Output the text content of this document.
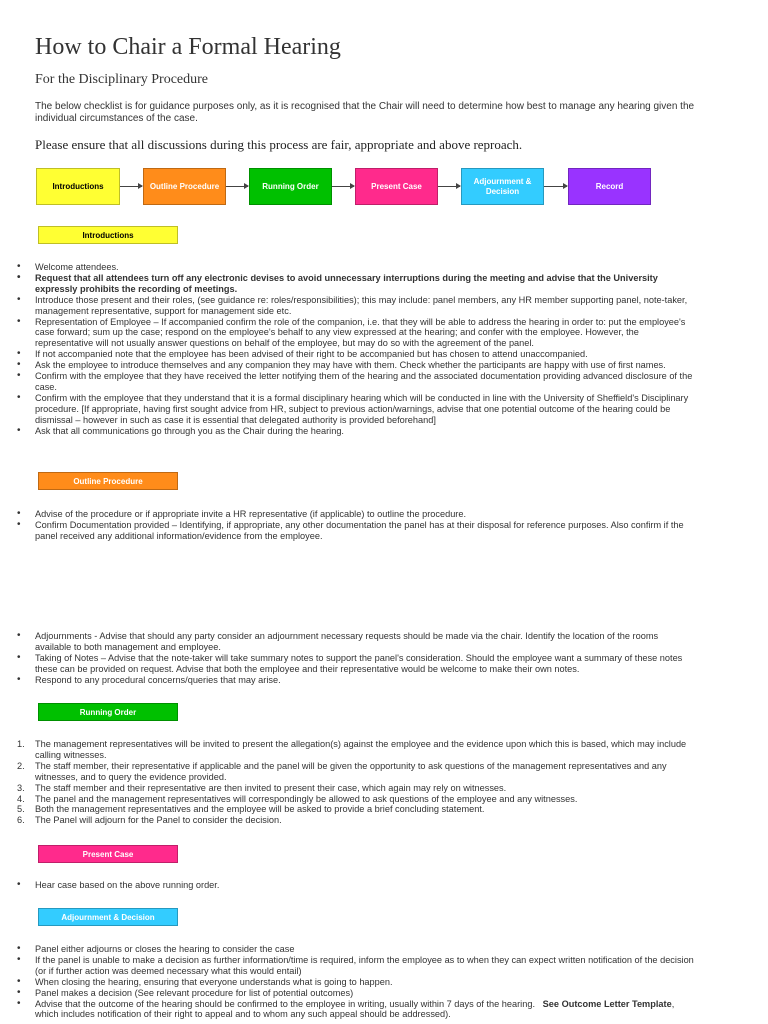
How to Chair a Formal Hearing
For the Disciplinary Procedure
The below checklist is for guidance purposes only, as it is recognised that the Chair will need to determine how best to manage any hearing given the individual circumstances of the case.
Please ensure that all discussions during this process are fair, appropriate and above reproach.
Introductions	Outline Procedure	Running Order	Present Case
Adjournment & Decision
Record
Introductions
• Welcome attendees.
• Request that all attendees turn off any electronic devises to avoid unnecessary interruptions during the meeting and advise that the University expressly prohibits the recording of meetings.
• Introduce those present and their roles, (see guidance re: roles/responsibilities); this may include: panel members, any HR member supporting panel, note-taker, management representative, support for management side etc.
• Representation of Employee – If accompanied confirm the role of the companion, i.e. that they will be able to address the hearing in order to: put the employee's case forward; sum up the case; respond on the employee's behalf to any view expressed at the hearing; and confer with the employee. However, the representative will not usually answer questions on behalf of the employee, but may do so with the agreement of the panel.
• If not accompanied note that the employee has been advised of their right to be accompanied but has chosen to attend unaccompanied.
• Ask the employee to introduce themselves and any companion they may have with them. Check whether the participants are happy with use of first names.
• Confirm with the employee that they have received the letter notifying them of the hearing and the associated documentation providing advanced disclosure of the case.
• Confirm with the employee that they understand that it is a formal disciplinary hearing which will be conducted in line with the University of Sheffield's Disciplinary procedure. [If appropriate, having first sought advice from HR, subject to previous action/warnings, advise that one potential outcome of the hearing could be dismissal – however in such as case it is essential that delegated authority is provided beforehand]
• Ask that all communications go through you as the Chair during the hearing.
Outline Procedure
• Advise of the procedure or if appropriate invite a HR representative (if applicable) to outline the procedure.
• Confirm Documentation provided – Identifying, if appropriate, any other documentation the panel has at their disposal for reference purposes. Also confirm if the panel received any additional information/evidence from the employee.
• Adjournments - Advise that should any party consider an adjournment necessary requests should be made via the chair. Identify the location of the rooms available to both management and employee.
• Taking of Notes – Advise that the note-taker will take summary notes to support the panel's consideration. Should the employee want a summary of these notes these can be provided on request. Advise that both the employee and their representative would be welcome to make their own notes.
• Respond to any procedural concerns/queries that may arise.
Running Order
1. The management representatives will be invited to present the allegation(s) against the employee and the evidence upon which this is based, which may include calling witnesses.
2. The staff member, their representative if applicable and the panel will be given the opportunity to ask questions of the management representatives and any witnesses, and to query the evidence provided.
3. The staff member and their representative are then invited to present their case, which again may rely on witnesses.
4. The panel and the management representatives will correspondingly be allowed to ask questions of the employee and any witnesses.
5. Both the management representatives and the employee will be asked to provide a brief concluding statement.
6. The Panel will adjourn for the Panel to consider the decision.
Present Case
• Hear case based on the above running order.
Adjournment & Decision
• Panel either adjourns or closes the hearing to consider the case
• If the panel is unable to make a decision as further information/time is required, inform the employee as to when they can expect written notification of the decision (or if further action was deemed necessary what this would entail)
• When closing the hearing, ensuring that everyone understands what is going to happen.
• Panel makes a decision (See relevant procedure for list of potential outcomes)
• Advise that the outcome of the hearing should be confirmed to the employee in writing, usually within 7 days of the hearing. See Outcome Letter Template, which includes notification of their right to appeal and to whom any such appeal should be addressed).
